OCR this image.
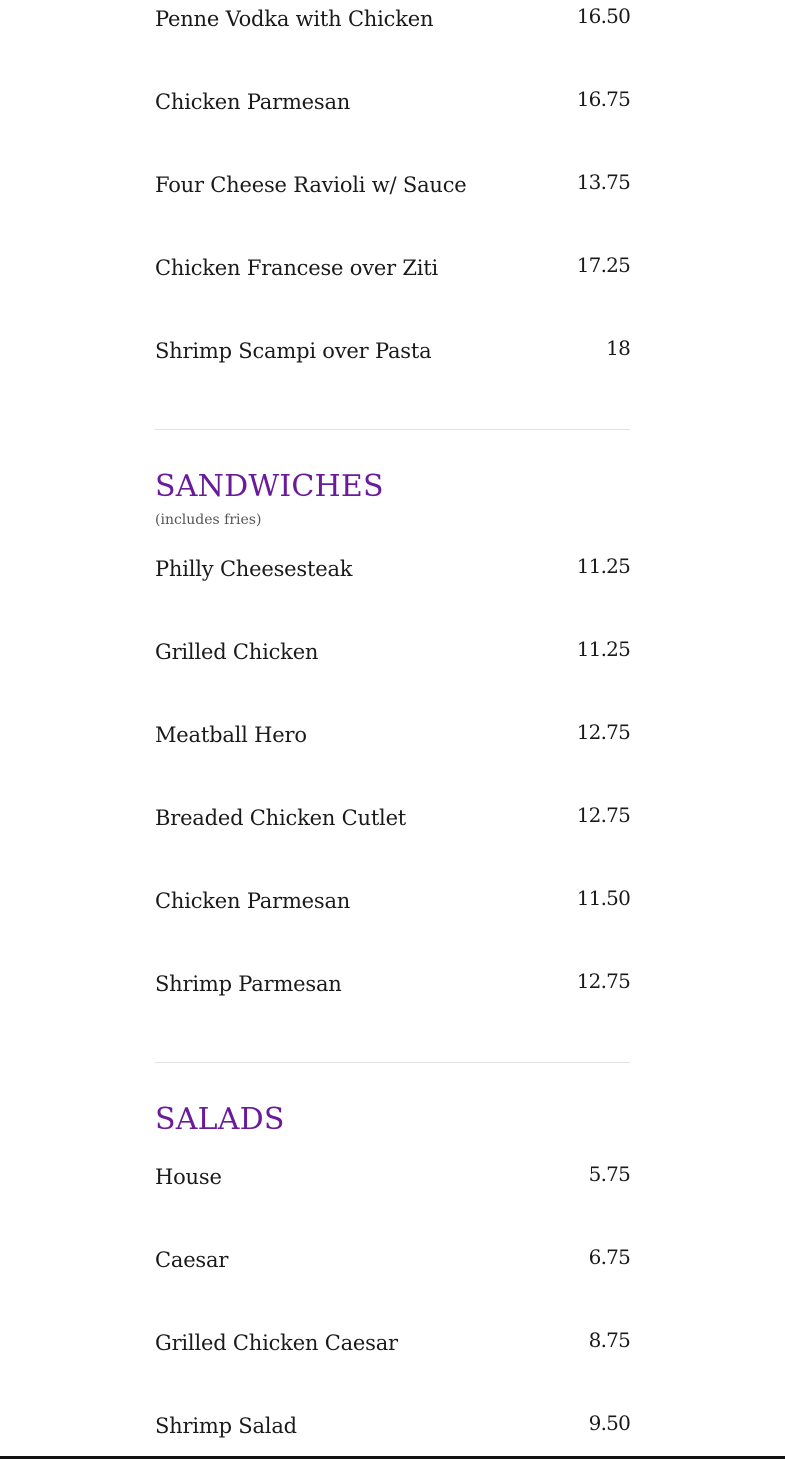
Penne Vodka with Chicken	16.50
Chicken Parmesan	16.75
Four Cheese Ravioli w/ Sauce	13.75
Chicken Francese over Ziti	17.25
Shrimp Scampi over Pasta	18
SANDWICHES
(includes fries)
Philly Cheesesteak	11.25
Grilled Chicken	11.25
Meatball Hero	12.75
Breaded Chicken Cutlet	12.75
Chicken Parmesan	11.50
Shrimp Parmesan	12.75
SALADS
House	5.75
Caesar	6.75
Grilled Chicken Caesar	8.75
Shrimp Salad	9.50
